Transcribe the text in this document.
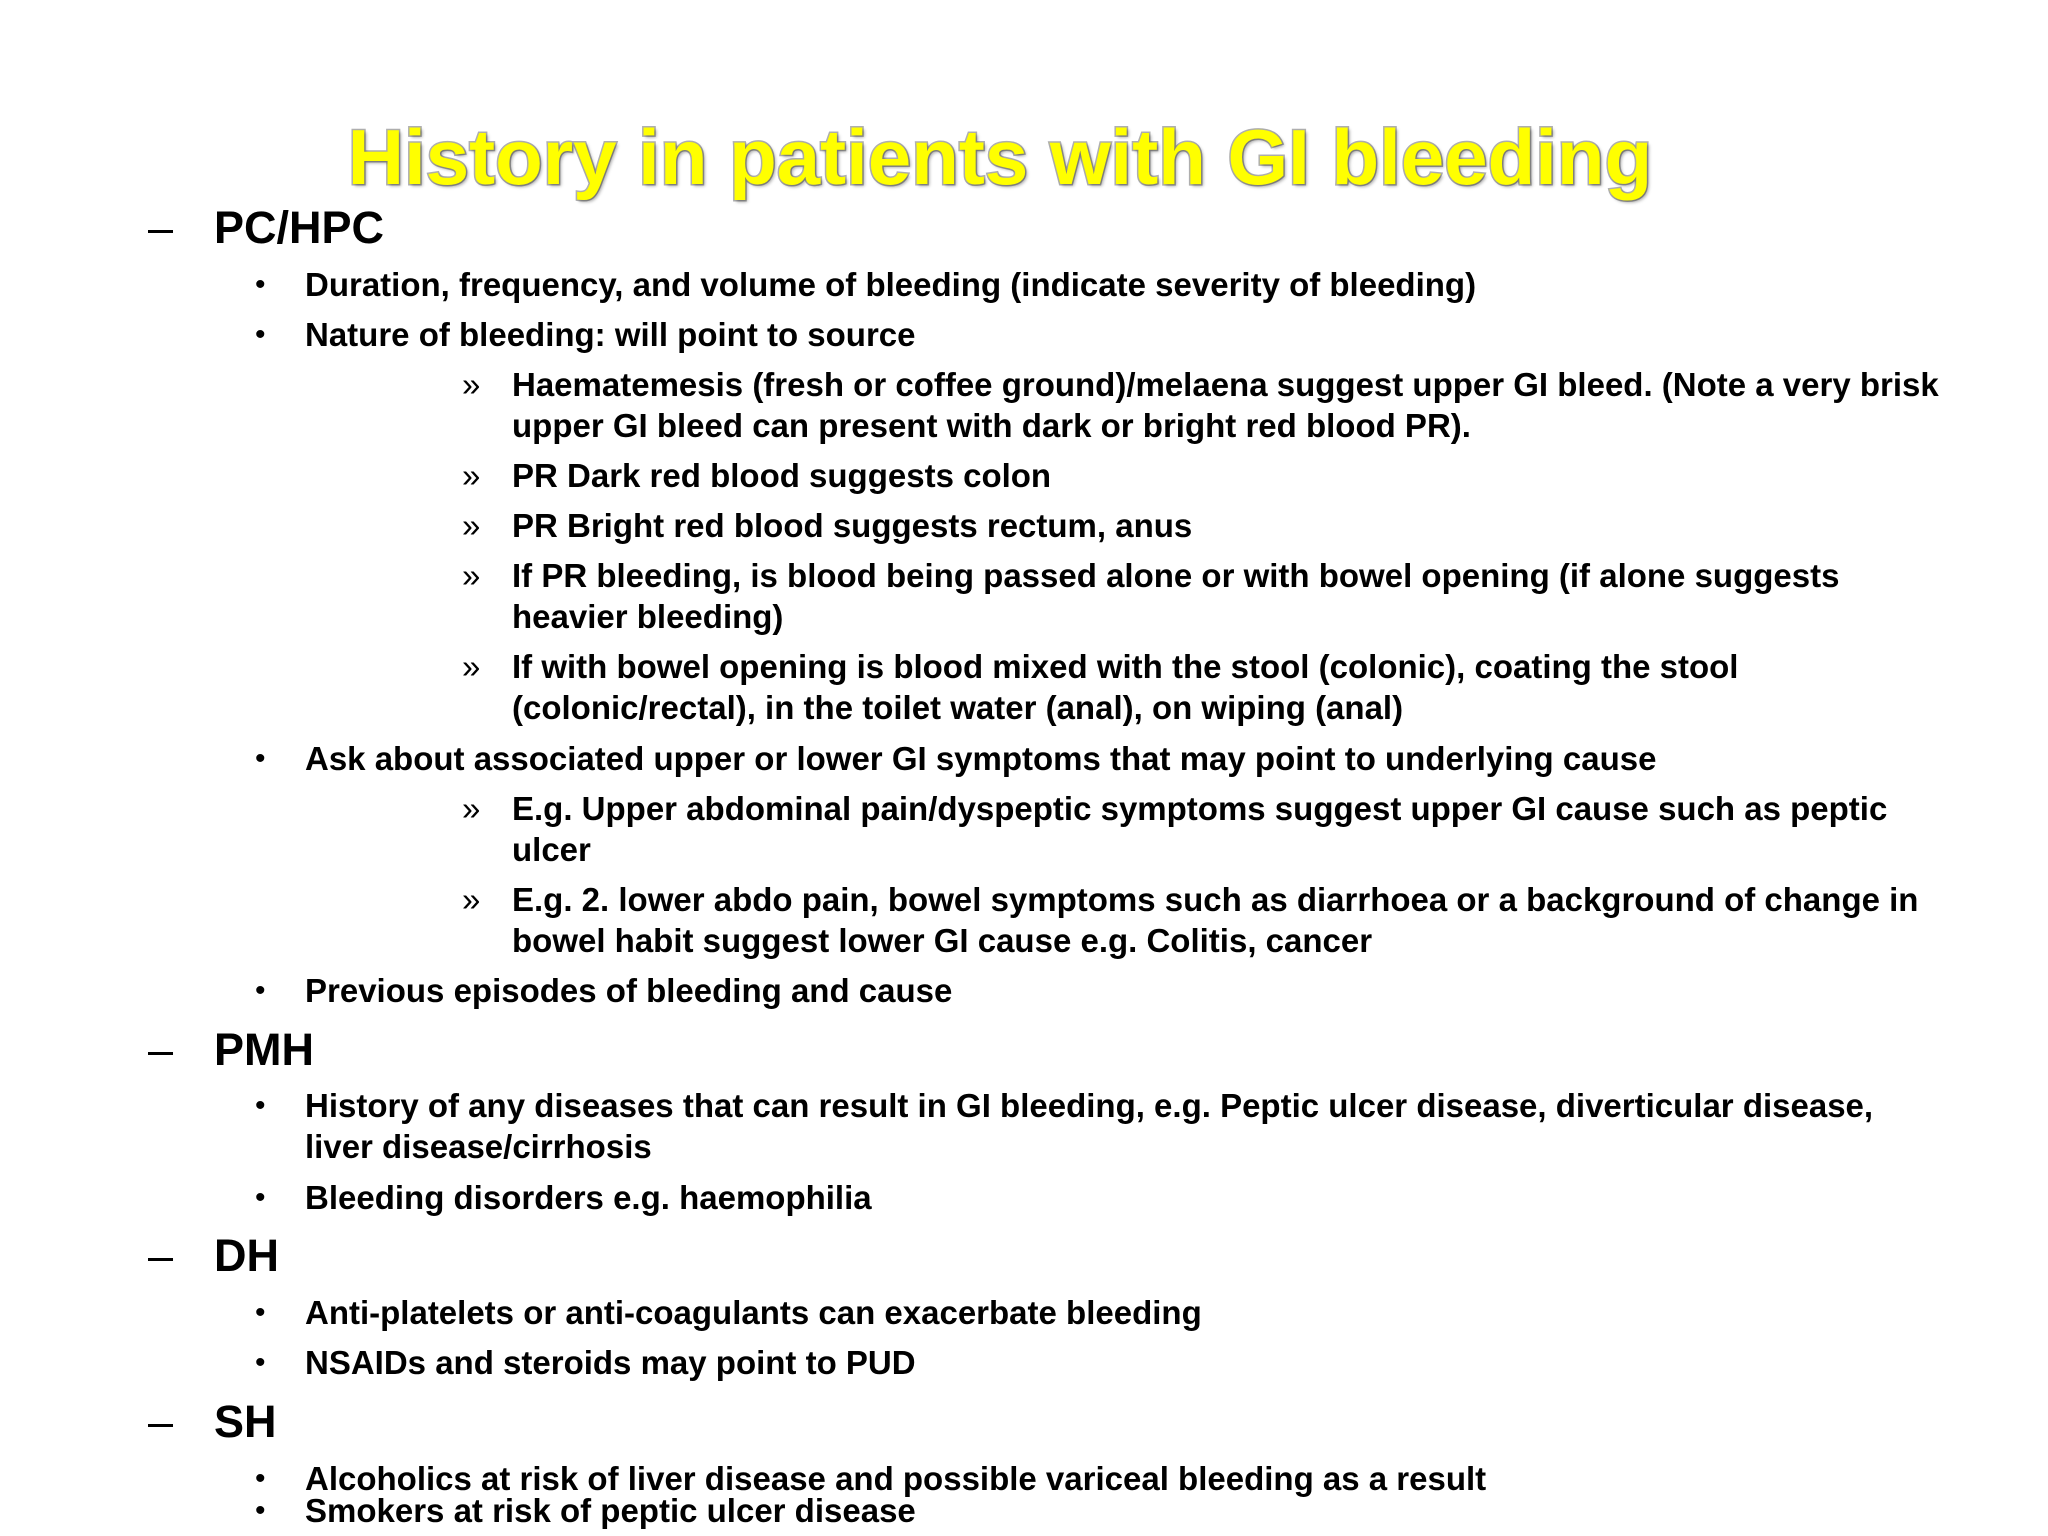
History in patients with GI bleeding
– PC/HPC
• Duration, frequency, and volume of bleeding (indicate severity of bleeding)
• Nature of bleeding: will point to source
» Haematemesis (fresh or coffee ground)/melaena suggest upper GI bleed. (Note a very brisk
upper GI bleed can present with dark or bright red blood PR).
» PR Dark red blood suggests colon
» PR Bright red blood suggests rectum, anus
» If PR bleeding, is blood being passed alone or with bowel opening (if alone suggests
heavier bleeding)
» If with bowel opening is blood mixed with the stool (colonic), coating the stool
(colonic/rectal), in the toilet water (anal), on wiping (anal)
• Ask about associated upper or lower GI symptoms that may point to underlying cause
» E.g. Upper abdominal pain/dyspeptic symptoms suggest upper GI cause such as peptic
ulcer
» E.g. 2. lower abdo pain, bowel symptoms such as diarrhoea or a background of change in
bowel habit suggest lower GI cause e.g. Colitis, cancer
• Previous episodes of bleeding and cause
– PMH
• History of any diseases that can result in GI bleeding, e.g. Peptic ulcer disease, diverticular disease,
liver disease/cirrhosis
• Bleeding disorders e.g. haemophilia
– DH
• Anti-platelets or anti-coagulants can exacerbate bleeding
• NSAIDs and steroids may point to PUD
– SH
• Alcoholics at risk of liver disease and possible variceal bleeding as a result
• Smokers at risk of peptic ulcer disease
